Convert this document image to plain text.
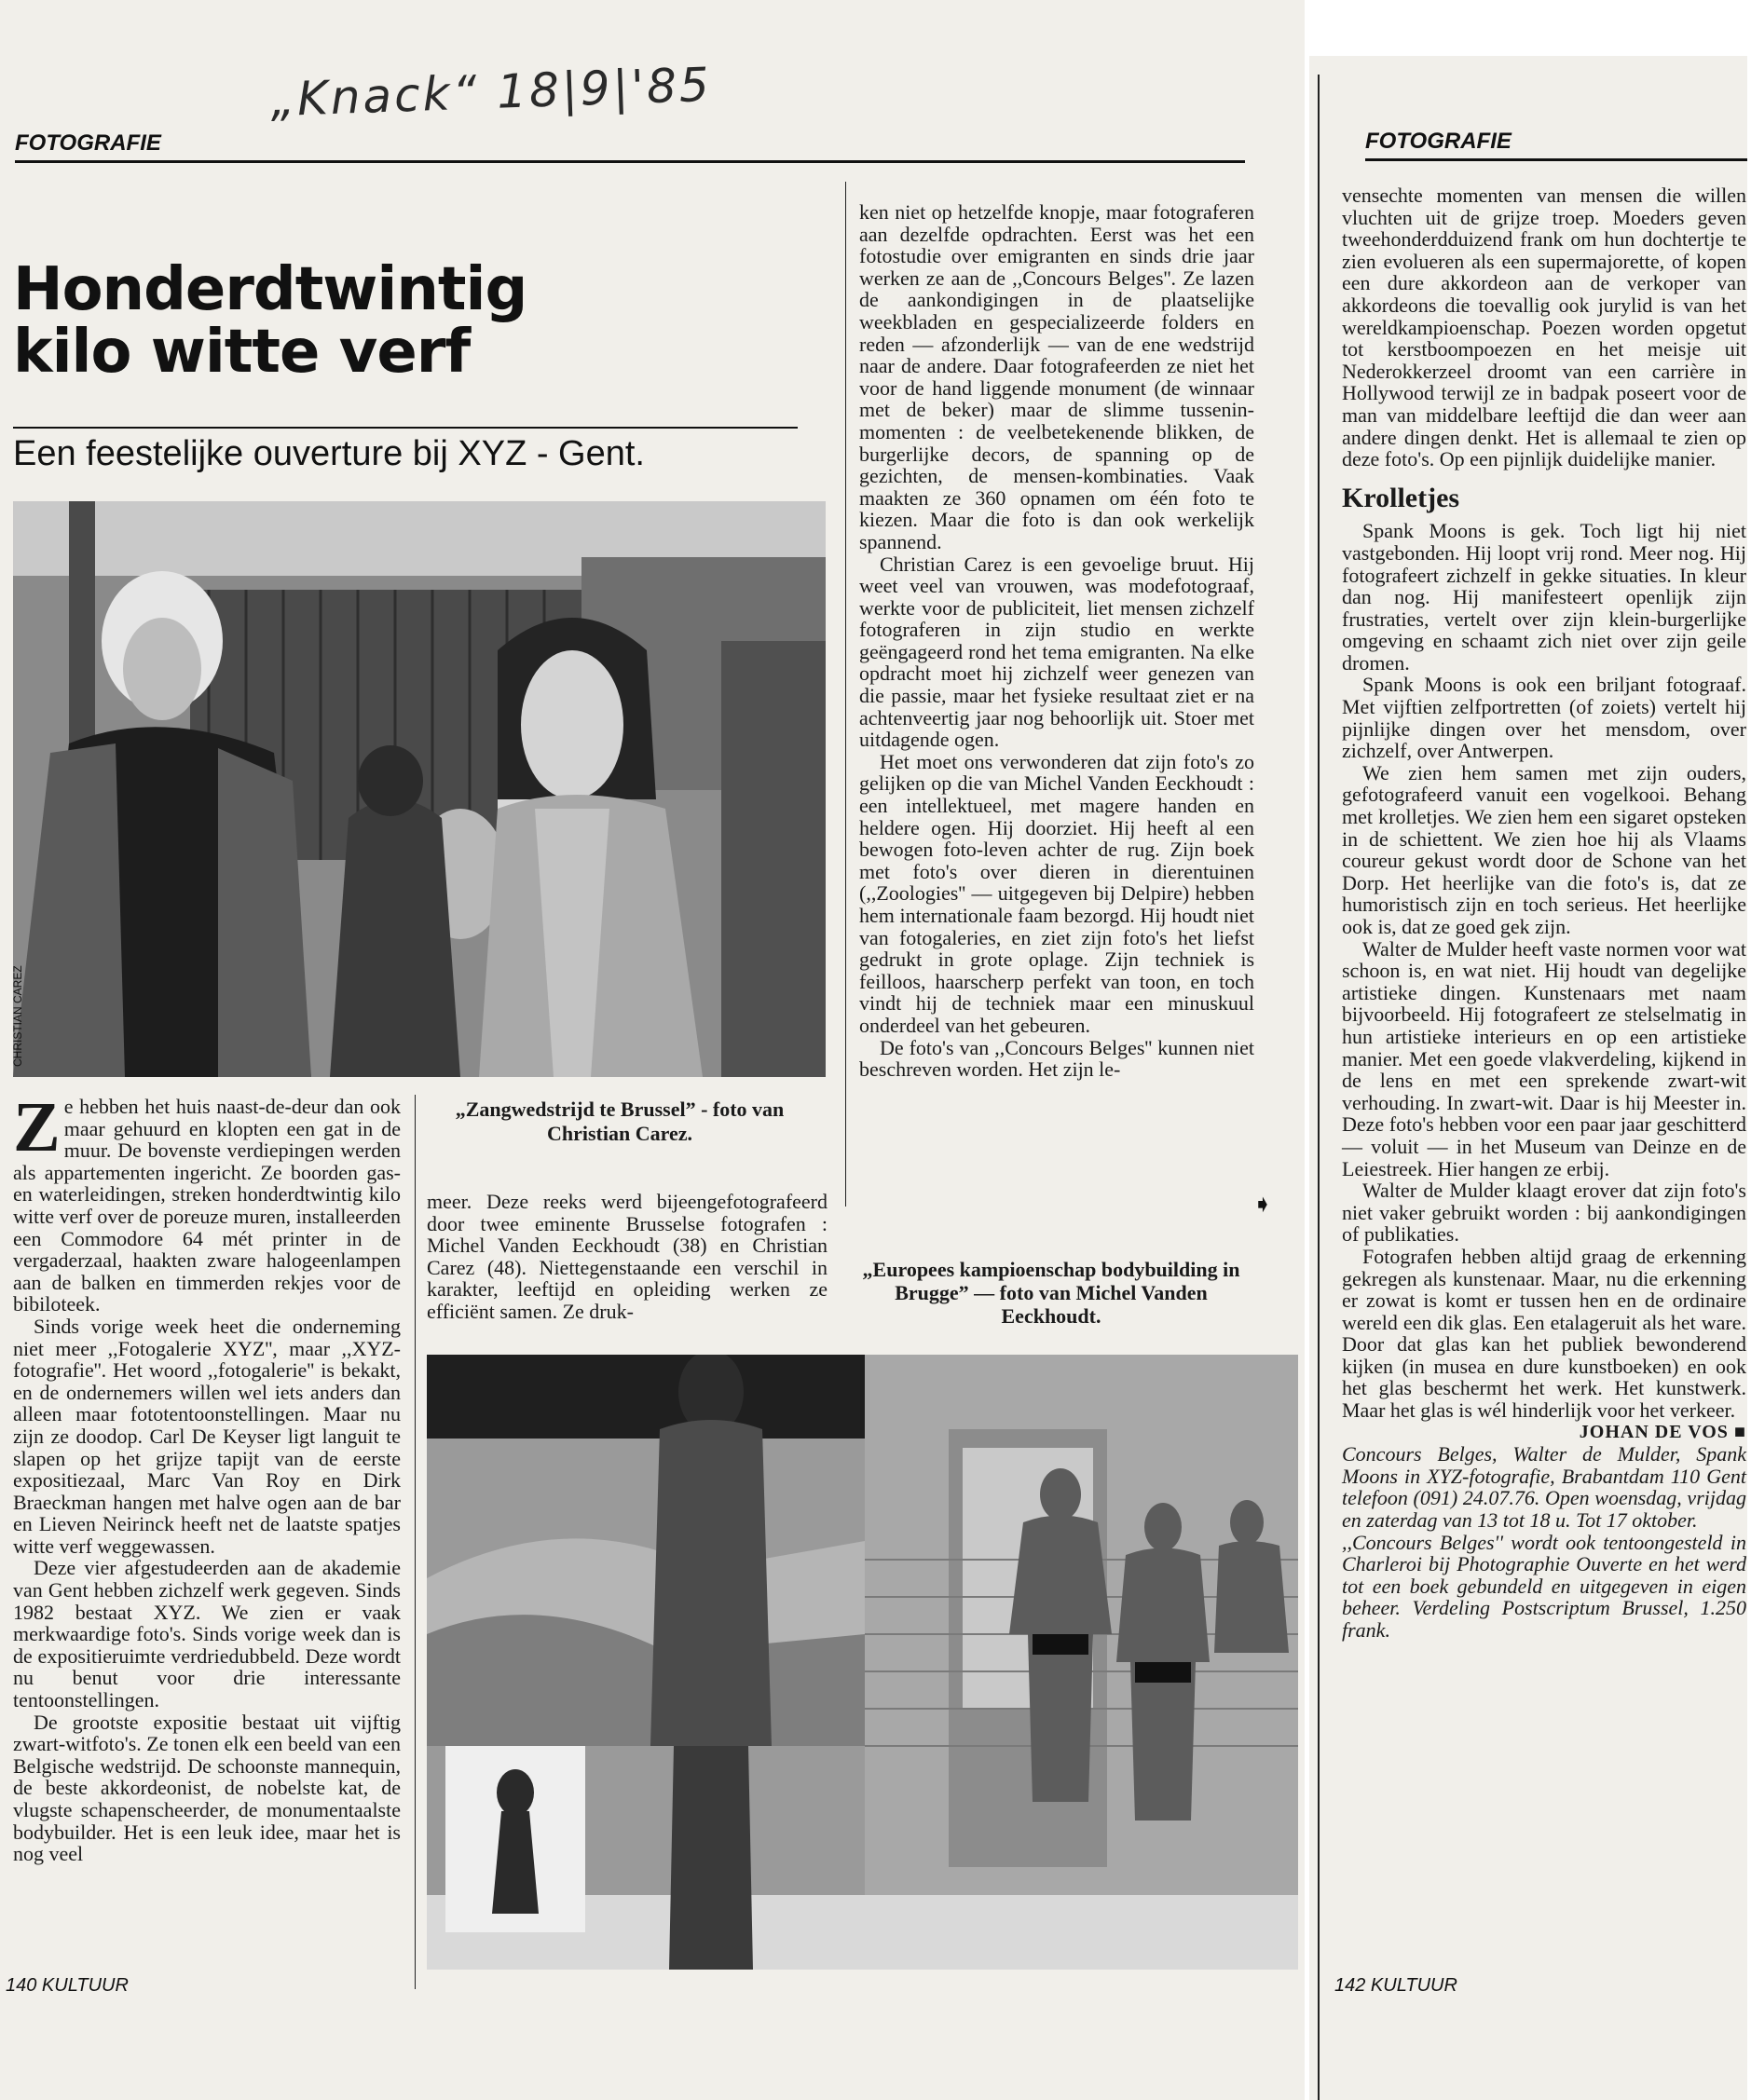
„Knack“ 18|9|'85
FOTOGRAFIE	FOTOGRAFIE
Honderdtwintig
kilo witte verf
Een feestelijke ouverture bij XYZ - Gent.
CHRISTIAN CAREZ
„Zangwedstrijd te Brussel” - foto van Christian Carez.

Ze hebben het huis naast-de-deur dan ook maar gehuurd en klopten een gat in de muur. De bovenste verdiepingen werden als appartementen ingericht. Ze boorden gas- en waterleidingen, streken honderdtwintig kilo witte verf over de poreuze muren, installeerden een Commodore 64 mét printer in de vergaderzaal, haakten zware halogeenlampen aan de balken en timmerden rekjes voor de bibiloteek.

Sinds vorige week heet die onderneming niet meer ,,Fotogalerie XYZ'', maar ,,XYZ-fotografie''. Het woord ,,fotogalerie'' is bekakt, en de ondernemers willen wel iets anders dan alleen maar fototentoonstellingen. Maar nu zijn ze doodop. Carl De Keyser ligt languit te slapen op het grijze tapijt van de eerste expositiezaal, Marc Van Roy en Dirk Braeckman hangen met halve ogen aan de bar en Lieven Neirinck heeft net de laatste spatjes witte verf weggewassen.

Deze vier afgestudeerden aan de akademie van Gent hebben zichzelf werk gegeven. Sinds 1982 bestaat XYZ. We zien er vaak merkwaardige foto's. Sinds vorige week dan is de expositieruimte verdriedubbeld. Deze wordt nu benut voor drie interessante tentoonstellingen.

De grootste expositie bestaat uit vijftig zwart-witfoto's. Ze tonen elk een beeld van een Belgische wedstrijd. De schoonste mannequin, de beste akkordeonist, de nobelste kat, de vlugste schapenscheerder, de monumentaalste bodybuilder. Het is een leuk idee, maar het is nog veel

meer. Deze reeks werd bijeengefotografeerd door twee eminente Brusselse fotografen : Michel Vanden Eeckhoudt (38) en Christian Carez (48). Niettegenstaande een verschil in karakter, leeftijd en opleiding werken ze efficiënt samen. Ze druk-

ken niet op hetzelfde knopje, maar fotograferen aan dezelfde opdrachten. Eerst was het een fotostudie over emigranten en sinds drie jaar werken ze aan de ,,Concours Belges''. Ze lazen de aankondigingen in de plaatselijke weekbladen en gespecializeerde folders en reden — afzonderlijk — van de ene wedstrijd naar de andere. Daar fotografeerden ze niet het voor de hand liggende monument (de winnaar met de beker) maar de slimme tussenin-momenten : de veelbetekenende blikken, de burgerlijke decors, de spanning op de gezichten, de mensen-kombinaties. Vaak maakten ze 360 opnamen om één foto te kiezen. Maar die foto is dan ook werkelijk spannend.

Christian Carez is een gevoelige bruut. Hij weet veel van vrouwen, was modefotograaf, werkte voor de publiciteit, liet mensen zichzelf fotograferen in zijn studio en werkte geëngageerd rond het tema emigranten. Na elke opdracht moet hij zichzelf weer genezen van die passie, maar het fysieke resultaat ziet er na achtenveertig jaar nog behoorlijk uit. Stoer met uitdagende ogen.

Het moet ons verwonderen dat zijn foto's zo gelijken op die van Michel Vanden Eeckhoudt : een intellektueel, met magere handen en heldere ogen. Hij doorziet. Hij heeft al een bewogen foto-leven achter de rug. Zijn boek met foto's over dieren in dierentuinen (,,Zoologies'' — uitgegeven bij Delpire) hebben hem internationale faam bezorgd. Hij houdt niet van fotogaleries, en ziet zijn foto's het liefst gedrukt in grote oplage. Zijn techniek is feilloos, haarscherp perfekt van toon, en toch vindt hij de techniek maar een minuskuul onderdeel van het gebeuren.

De foto's van ,,Concours Belges'' kunnen niet beschreven worden. Het zijn le-

➧
„Europees kampioenschap bodybuilding in Brugge” — foto van Michel Vanden Eeckhoudt.

vensechte momenten van mensen die willen vluchten uit de grijze troep. Moeders geven tweehonderdduizend frank om hun dochtertje te zien evolueren als een supermajorette, of kopen een dure akkordeon aan de verkoper van akkordeons die toevallig ook jurylid is van het wereldkampioenschap. Poezen worden opgetut tot kerstboompoezen en het meisje uit Nederokkerzeel droomt van een carrière in Hollywood terwijl ze in badpak poseert voor de man van middelbare leeftijd die dan weer aan andere dingen denkt. Het is allemaal te zien op deze foto's. Op een pijnlijk duidelijke manier.

Krolletjes

Spank Moons is gek. Toch ligt hij niet vastgebonden. Hij loopt vrij rond. Meer nog. Hij fotografeert zichzelf in gekke situaties. In kleur dan nog. Hij manifesteert openlijk zijn frustraties, vertelt over zijn klein-burgerlijke omgeving en schaamt zich niet over zijn geile dromen.

Spank Moons is ook een briljant fotograaf. Met vijftien zelfportretten (of zoiets) vertelt hij pijnlijke dingen over het mensdom, over zichzelf, over Antwerpen.

We zien hem samen met zijn ouders, gefotografeerd vanuit een vogelkooi. Behang met krolletjes. We zien hem een sigaret opsteken in de schiettent. We zien hoe hij als Vlaams coureur gekust wordt door de Schone van het Dorp. Het heerlijke van die foto's is, dat ze humoristisch zijn en toch serieus. Het heerlijke ook is, dat ze goed gek zijn.

Walter de Mulder heeft vaste normen voor wat schoon is, en wat niet. Hij houdt van degelijke artistieke dingen. Kunstenaars met naam bijvoorbeeld. Hij fotografeert ze stelselmatig in hun artistieke interieurs en op een artistieke manier. Met een goede vlakverdeling, kijkend in de lens en met een sprekende zwart-wit verhouding. In zwart-wit. Daar is hij Meester in. Deze foto's hebben voor een paar jaar geschitterd — voluit — in het Museum van Deinze en de Leiestreek. Hier hangen ze erbij.

Walter de Mulder klaagt erover dat zijn foto's niet vaker gebruikt worden : bij aankondigingen of publikaties.

Fotografen hebben altijd graag de erkenning gekregen als kunstenaar. Maar, nu die erkenning er zowat is komt er tussen hen en de ordinaire wereld een dik glas. Een etalageruit als het ware. Door dat glas kan het publiek bewonderend kijken (in musea en dure kunstboeken) en ook het glas beschermt het werk. Het kunstwerk. Maar het glas is wél hinderlijk voor het verkeer.

JOHAN DE VOS ■

Concours Belges, Walter de Mulder, Spank Moons in XYZ-fotografie, Brabantdam 110 Gent telefoon (091) 24.07.76. Open woensdag, vrijdag en zaterdag van 13 tot 18 u. Tot 17 oktober.

,,Concours Belges'' wordt ook tentoongesteld in Charleroi bij Photographie Ouverte en het werd tot een boek gebundeld en uitgegeven in eigen beheer. Verdeling Postscriptum Brussel, 1.250 frank.

140 KULTUUR	142 KULTUUR
